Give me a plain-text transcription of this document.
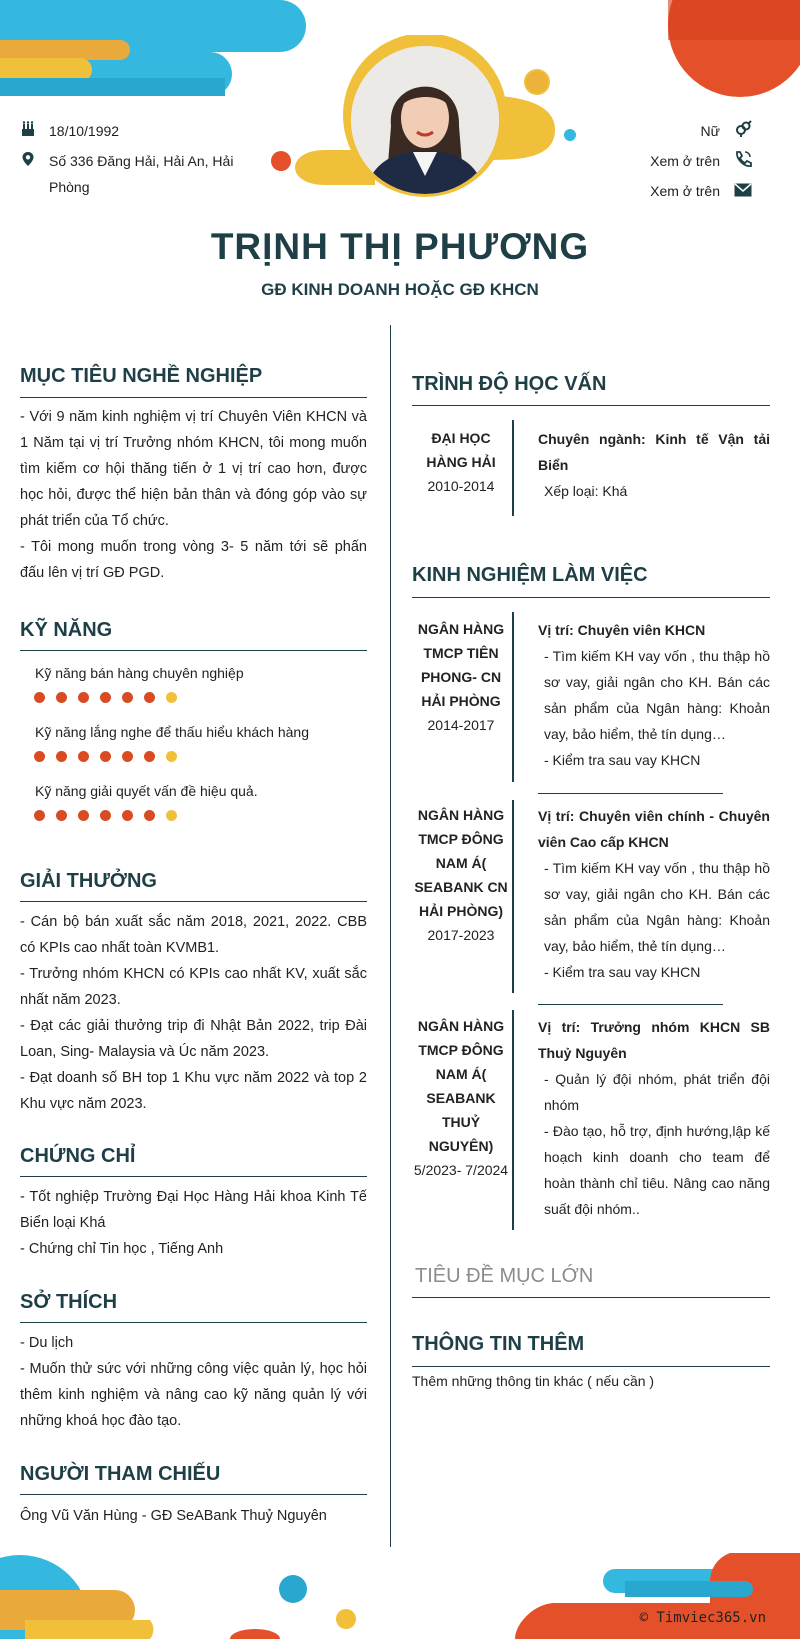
18/10/1992
Số 336 Đăng Hải, Hải An, Hải Phòng
Nữ
Xem ở trên
Xem ở trên
TRỊNH THỊ PHƯƠNG
GĐ KINH DOANH HOẶC GĐ KHCN
MỤC TIÊU NGHỀ NGHIỆP
- Với 9 năm kinh nghiệm vị trí Chuyên Viên KHCN và 1 Năm tại vị trí Trưởng nhóm KHCN, tôi mong muốn tìm kiếm cơ hội thăng tiến ở 1 vị trí cao hơn, được học hỏi, được thể hiện bản thân và đóng góp vào sự phát triển của Tổ chức.
- Tôi mong muốn trong vòng 3- 5 năm tới sẽ phấn đấu lên vị trí GĐ PGD.
KỸ NĂNG
Kỹ năng bán hàng chuyên nghiệp
Kỹ năng lắng nghe để thấu hiểu khách hàng
Kỹ năng giải quyết vấn đề hiệu quả.
GIẢI THƯỞNG
- Cán bộ bán xuất sắc năm 2018, 2021, 2022. CBB có KPIs cao nhất toàn KVMB1.
- Trưởng nhóm KHCN có KPIs cao nhất KV, xuất sắc nhất năm 2023.
- Đạt các giải thưởng trip đi Nhật Bản 2022, trip Đài Loan, Sing- Malaysia và Úc năm 2023.
- Đạt doanh số BH top 1 Khu vực năm 2022 và top 2 Khu vực năm 2023.
CHỨNG CHỈ
- Tốt nghiệp Trường Đại Học Hàng Hải khoa Kinh Tế Biển loại Khá
- Chứng chỉ Tin học , Tiếng Anh
SỞ THÍCH
- Du lịch
- Muốn thử sức với những công việc quản lý, học hỏi thêm kinh nghiệm và nâng cao kỹ năng quản lý với những khoá học đào tạo.
NGƯỜI THAM CHIẾU
Ông Vũ Văn Hùng - GĐ SeABank Thuỷ Nguyên
TRÌNH ĐỘ HỌC VẤN
ĐẠI HỌC HÀNG HẢI
2010-2014
Chuyên ngành: Kinh tế Vận tải Biển
Xếp loại: Khá
KINH NGHIỆM LÀM VIỆC
NGÂN HÀNG TMCP TIÊN PHONG- CN HẢI PHÒNG
2014-2017
Vị trí: Chuyên viên KHCN
- Tìm kiếm KH vay vốn , thu thập hồ sơ vay, giải ngân cho KH. Bán các sản phẩm của Ngân hàng: Khoản vay, bảo hiểm, thẻ tín dụng…
- Kiểm tra sau vay KHCN
NGÂN HÀNG TMCP ĐÔNG NAM Á( SEABANK CN HẢI PHÒNG)
2017-2023
Vị trí: Chuyên viên chính - Chuyên viên Cao cấp KHCN
- Tìm kiếm KH vay vốn , thu thập hồ sơ vay, giải ngân cho KH. Bán các sản phẩm của Ngân hàng: Khoản vay, bảo hiểm, thẻ tín dụng…
- Kiểm tra sau vay KHCN
NGÂN HÀNG TMCP ĐÔNG NAM Á( SEABANK THUỶ NGUYÊN)
5/2023- 7/2024
Vị trí: Trưởng nhóm KHCN SB Thuỷ Nguyên
- Quản lý đội nhóm, phát triển đội nhóm
- Đào tạo, hỗ trợ, định hướng,lập kế hoạch kinh doanh cho team để hoàn thành chỉ tiêu. Nâng cao năng suất đội nhóm..
TIÊU ĐỀ MỤC LỚN
THÔNG TIN THÊM
Thêm những thông tin khác ( nếu cần )
© Timviec365.vn
